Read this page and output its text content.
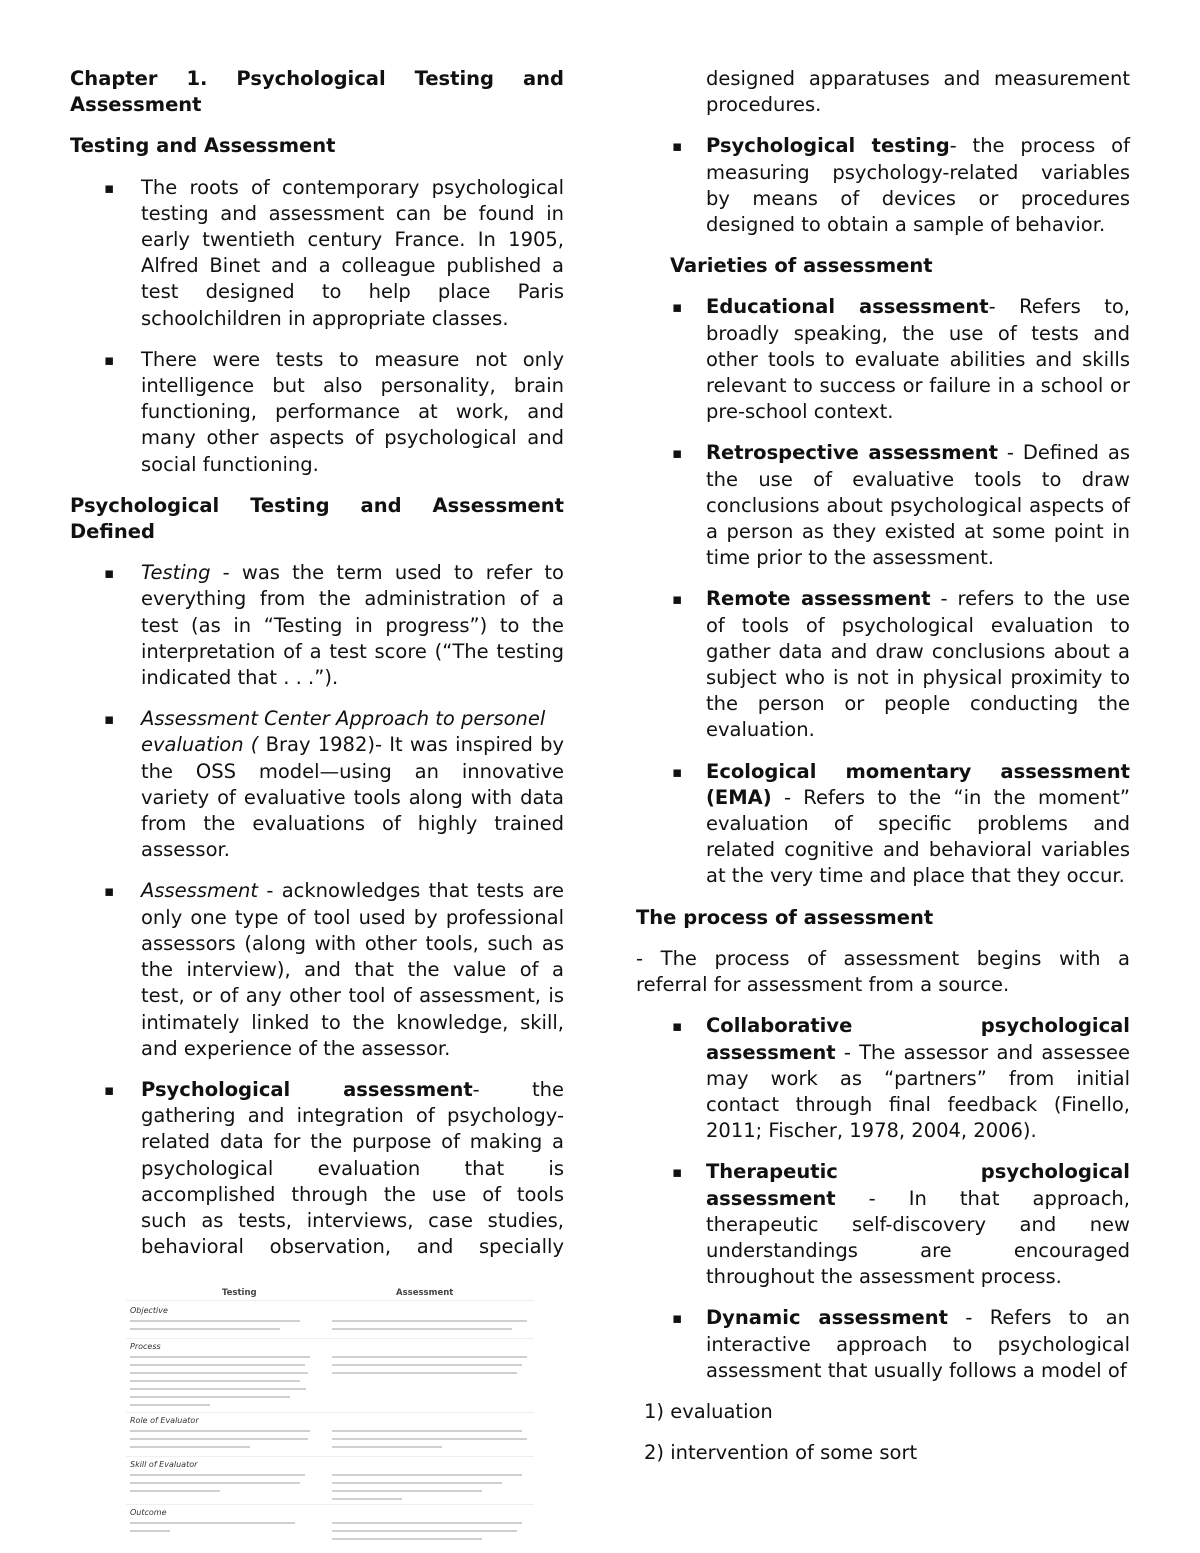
Chapter 1. Psychological Testing and
Assessment
Testing and Assessment
▪ The roots of contemporary psychological
testing and assessment can be found in
early twentieth century France. In 1905,
Alfred Binet and a colleague published a
test designed to help place Paris
schoolchildren in appropriate classes.
▪ There were tests to measure not only
intelligence but also personality, brain
functioning, performance at work, and
many other aspects of psychological and
social functioning.
Psychological Testing and Assessment
Defined
▪ Testing - was the term used to refer to
everything from the administration of a
test (as in “Testing in progress”) to the
interpretation of a test score (“The testing
indicated that . . .”).
▪ Assessment Center Approach to personel
evaluation ( Bray 1982)- It was inspired by
the OSS model—using an innovative
variety of evaluative tools along with data
from the evaluations of highly trained
assessor.
▪ Assessment - acknowledges that tests are
only one type of tool used by professional
assessors (along with other tools, such as
the interview), and that the value of a
test, or of any other tool of assessment, is
intimately linked to the knowledge, skill,
and experience of the assessor.
▪ Psychological assessment- the
gathering and integration of psychology-
related data for the purpose of making a
psychological evaluation that is
accomplished through the use of tools
such as tests, interviews, case studies,
behavioral observation, and specially
Testing	Assessment
Objective
Process
Role of Evaluator
Skill of Evaluator
Outcome
designed apparatuses and measurement
procedures.
▪ Psychological testing- the process of
measuring psychology-related variables
by means of devices or procedures
designed to obtain a sample of behavior.
Varieties of assessment
▪ Educational assessment- Refers to,
broadly speaking, the use of tests and
other tools to evaluate abilities and skills
relevant to success or failure in a school or
pre-school context.
▪ Retrospective assessment - Defined as
the use of evaluative tools to draw
conclusions about psychological aspects of
a person as they existed at some point in
time prior to the assessment.
▪ Remote assessment - refers to the use
of tools of psychological evaluation to
gather data and draw conclusions about a
subject who is not in physical proximity to
the person or people conducting the
evaluation.
▪ Ecological momentary assessment
(EMA) - Refers to the “in the moment”
evaluation of specific problems and
related cognitive and behavioral variables
at the very time and place that they occur.
The process of assessment
- The process of assessment begins with a
referral for assessment from a source.
▪ Collaborative	psychological
assessment - The assessor and assessee
may work as “partners” from initial
contact through final feedback (Finello,
2011; Fischer, 1978, 2004, 2006).
▪ Therapeutic	psychological
assessment - In that approach,
therapeutic self-discovery and new
understandings are encouraged
throughout the assessment process.
▪ Dynamic assessment - Refers to an
interactive approach to psychological
assessment that usually follows a model of
1) evaluation
2) intervention of some sort
